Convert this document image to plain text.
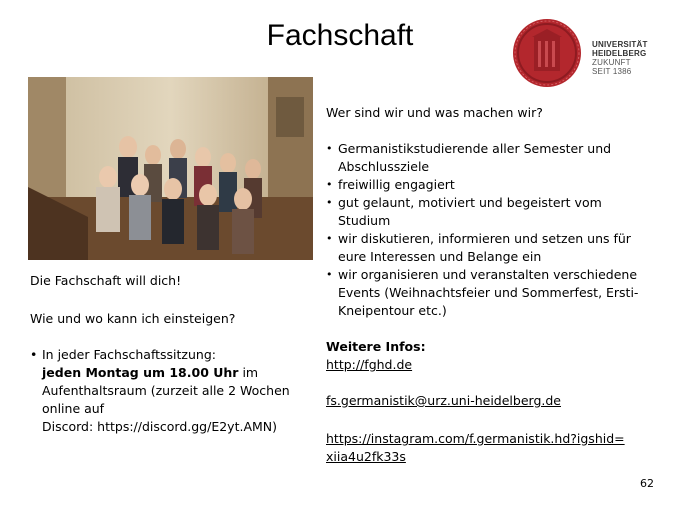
Fachschaft	UNIVERSITÄT
HEIDELBERG
ZUKUNFT
SEIT 1386
Die Fachschaft will dich!
Wie und wo kann ich einsteigen?
• In jeder Fachschaftssitzung:
jeden Montag um 18.00 Uhr im
Aufenthaltsraum (zurzeit alle 2 Wochen
online auf
Discord: https://discord.gg/E2yt.AMN)
Wer sind wir und was machen wir?
• Germanistikstudierende aller Semester und Abschlussziele
• freiwillig engagiert
• gut gelaunt, motiviert und begeistert vom Studium
• wir diskutieren, informieren und setzen uns für eure Interessen und Belange ein
• wir organisieren und veranstalten verschiedene Events (Weihnachtsfeier und Sommerfest, Ersti-Kneipentour etc.)
Weitere Infos:
http://fghd.de
fs.germanistik@urz.uni-heidelberg.de
https://instagram.com/f.germanistik.hd?igshid=
xiia4u2fk33s
62
